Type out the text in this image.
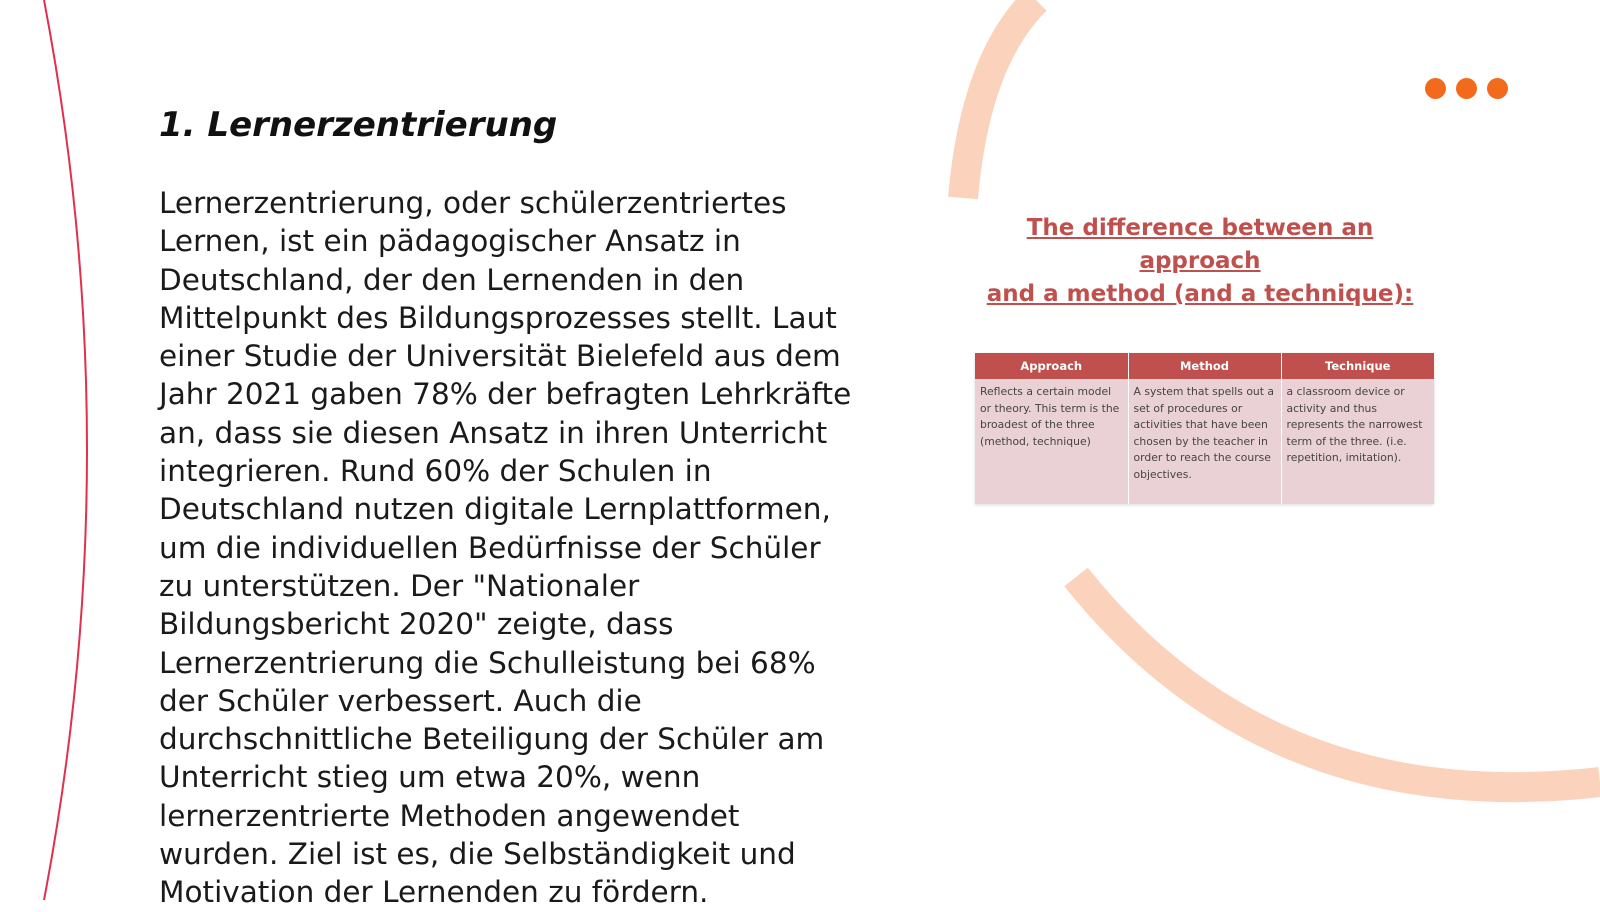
1. Lernerzentrierung

Lernerzentrierung, oder schülerzentriertes Lernen, ist ein pädagogischer Ansatz in Deutschland, der den Lernenden in den Mittelpunkt des Bildungsprozesses stellt. Laut einer Studie der Universität Bielefeld aus dem Jahr 2021 gaben 78% der befragten Lehrkräfte an, dass sie diesen Ansatz in ihren Unterricht integrieren. Rund 60% der Schulen in Deutschland nutzen digitale Lernplattformen, um die individuellen Bedürfnisse der Schüler zu unterstützen. Der "Nationaler Bildungsbericht 2020" zeigte, dass Lernerzentrierung die Schulleistung bei 68% der Schüler verbessert. Auch die durchschnittliche Beteiligung der Schüler am Unterricht stieg um etwa 20%, wenn lernerzentrierte Methoden angewendet wurden. Ziel ist es, die Selbständigkeit und Motivation der Lernenden zu fördern.

The difference between an approach
and a method (and a technique):
Approach	Method	Technique
Reflects a certain model or theory. This term is the broadest of the three (method, technique)	A system that spells out a set of procedures or activities that have been chosen by the teacher in order to reach the course objectives.	a classroom device or activity and thus represents the narrowest term of the three. (i.e. repetition, imitation).
